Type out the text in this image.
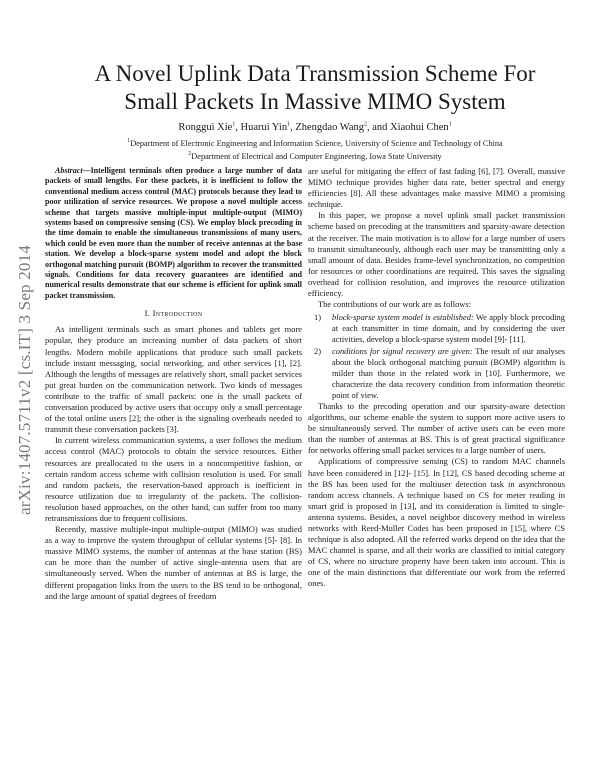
arXiv:1407.5711v2 [cs.IT] 3 Sep 2014
A Novel Uplink Data Transmission Scheme For
Small Packets In Massive MIMO System
Ronggui Xie$^1$, Huarui Yin$^1$, Zhengdao Wang$^2$, and Xiaohui Chen$^1$
$^1$Department of Electronic Engineering and Information Science, University of Science and Technology of China
$^2$Department of Electrical and Computer Engineering, Iowa State University

Abstract—Intelligent terminals often produce a large number of data packets of small lengths. For these packets, it is inefficient to follow the conventional medium access control (MAC) protocols because they lead to poor utilization of service resources. We propose a novel multiple access scheme that targets massive multiple-input multiple-output (MIMO) systems based on compressive sensing (CS). We employ block precoding in the time domain to enable the simultaneous transmissions of many users, which could be even more than the number of receive antennas at the base station. We develop a block-sparse system model and adopt the block orthogonal matching pursuit (BOMP) algorithm to recover the transmitted signals. Conditions for data recovery guarantees are identified and numerical results demonstrate that our scheme is efficient for uplink small packet transmission.

I. Introduction

As intelligent terminals such as smart phones and tablets get more popular, they produce an increasing number of data packets of short lengths. Modern mobile applications that produce such small packets include instant messaging, social networking, and other services [1], [2]. Although the lengths of messages are relatively short, small packet services put great burden on the communication network. Two kinds of messages contribute to the traffic of small packets: one is the small packets of conversation produced by active users that occupy only a small percentage of the total online users [2]; the other is the signaling overheads needed to transmit these conversation packets [3].

In current wireless communication systems, a user follows the medium access control (MAC) protocols to obtain the service resources. Either resources are preallocated to the users in a noncompetitive fashion, or certain random access scheme with collision resolution is used. For small and random packets, the reservation-based approach is inefficient in resource utilization due to irregularity of the packets. The collision-resolution based approaches, on the other hand, can suffer from too many retransmissions due to frequent collisions.

Recently, massive multiple-input multiple-output (MIMO) was studied as a way to improve the system throughput of cellular systems [5]- [8]. In massive MIMO systems, the number of antennas at the base station (BS) can be more than the number of active single-antenna users that are simultaneously served. When the number of antennas at BS is large, the different propagation links from the users to the BS tend to be orthogonal, and the large amount of spatial degrees of freedom

are useful for mitigating the effect of fast fading [6], [7]. Overall, massive MIMO technique provides higher data rate, better spectral and energy efficiencies [8]. All these advantages make massive MIMO a promising technique.

In this paper, we propose a novel uplink small packet transmission scheme based on precoding at the transmitters and sparsity-aware detection at the receiver. The main motivation is to allow for a large number of users to transmit simultaneously, although each user may be transmitting only a small amount of data. Besides frame-level synchronization, no competition for resources or other coordinations are required. This saves the signaling overhead for collision resolution, and improves the resource utilization efficiency.

The contributions of our work are as follows:

1)	block-sparse system model is established: We apply block precoding at each transmitter in time domain, and by considering the user activities, develop a block-sparse system model [9]- [11].
2)	conditions for signal recovery are given: The result of our analyses about the block orthogonal matching pursuit (BOMP) algorithm is milder than those in the related work in [10]. Furthermore, we characterize the data recovery condition from information theoretic point of view.

Thanks to the precoding operation and our sparsity-aware detection algorithms, our scheme enable the system to support more active users to be simultaneously served. The number of active users can be even more than the number of antennas at BS. This is of great practical significance for networks offering small packet services to a large number of users.

Applications of compressive sensing (CS) to random MAC channels have been considered in [12]- [15]. In [12], CS based decoding scheme at the BS has been used for the multiuser detection task in asynchronous random access channels. A technique based on CS for meter reading in smart grid is proposed in [13], and its consideration is limited to single-antenna systems. Besides, a novel neighbor discovery method in wireless networks with Reed-Muller Codes has been proposed in [15], where CS technique is also adopted. All the referred works depend on the idea that the MAC channel is sparse, and all their works are classified to initial category of CS, where no structure property have been taken into account. This is one of the main distinctions that differentiate our work from the referred ones.
